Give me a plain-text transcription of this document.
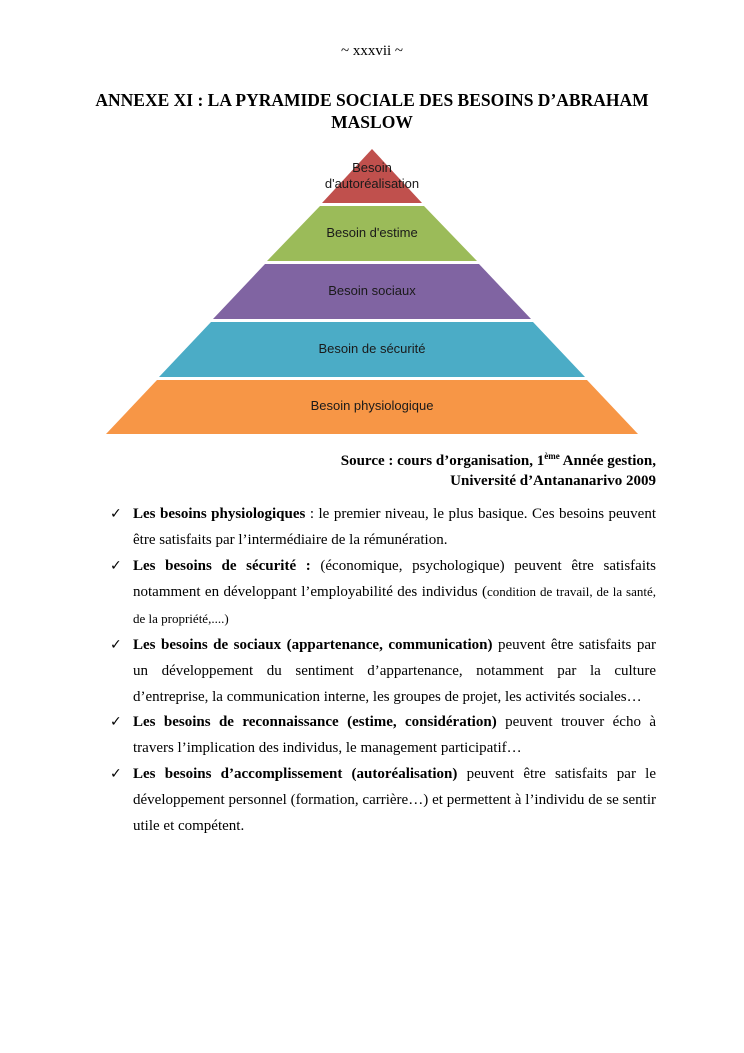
~ xxxvii ~
ANNEXE XI : LA PYRAMIDE SOCIALE DES BESOINS D’ABRAHAM MASLOW
Besoin
d'autoréalisation
Besoin d'estime
Besoin sociaux
Besoin de sécurité
Besoin physiologique
Source : cours d’organisation, 1ème Année gestion,
Université d’Antananarivo 2009
✓ Les besoins physiologiques : le premier niveau, le plus basique. Ces besoins peuvent être satisfaits par l’intermédiaire de la rémunération.
✓ Les besoins de sécurité : (économique, psychologique) peuvent être satisfaits notamment en développant l’employabilité des individus (condition de travail, de la santé, de la propriété,....)
✓ Les besoins de sociaux (appartenance, communication) peuvent être satisfaits par un développement du sentiment d’appartenance, notamment par la culture d’entreprise, la communication interne, les groupes de projet, les activités sociales…
✓ Les besoins de reconnaissance (estime, considération) peuvent trouver écho à travers l’implication des individus, le management participatif…
✓ Les besoins d’accomplissement (autoréalisation) peuvent être satisfaits par le développement personnel (formation, carrière…) et permettent à l’individu de se sentir utile et compétent.
